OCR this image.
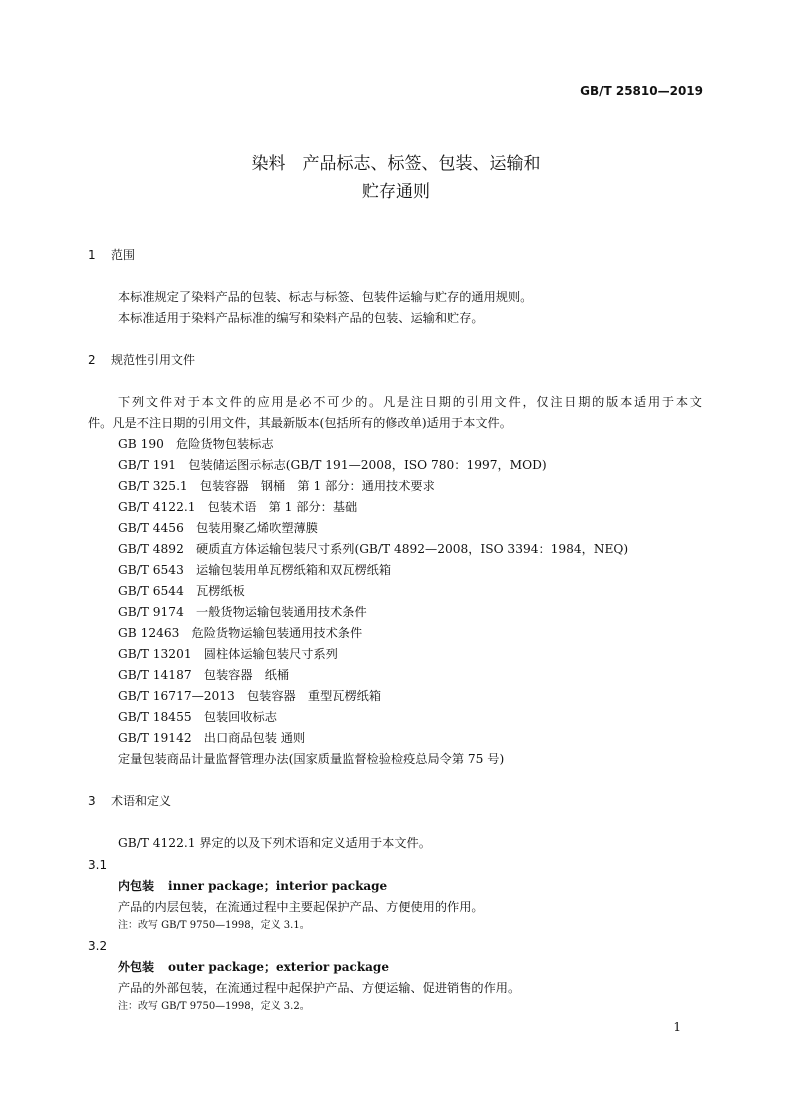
GB/T 25810—2019
染料　产品标志、标签、包装、运输和
贮存通则
1 范围
本标准规定了染料产品的包装、标志与标签、包装件运输与贮存的通用规则。
本标准适用于染料产品标准的编写和染料产品的包装、运输和贮存。
2 规范性引用文件
下列文件对于本文件的应用是必不可少的。凡是注日期的引用文件，仅注日期的版本适用于本文
件。凡是不注日期的引用文件，其最新版本(包括所有的修改单)适用于本文件。
GB 190　危险货物包装标志
GB/T 191　包装储运图示标志(GB/T 191—2008，ISO 780：1997，MOD)
GB/T 325.1　包装容器　钢桶　第 1 部分：通用技术要求
GB/T 4122.1　包装术语　第 1 部分：基础
GB/T 4456　包装用聚乙烯吹塑薄膜
GB/T 4892　硬质直方体运输包装尺寸系列(GB/T 4892—2008，ISO 3394：1984，NEQ)
GB/T 6543　运输包装用单瓦楞纸箱和双瓦楞纸箱
GB/T 6544　瓦楞纸板
GB/T 9174　一般货物运输包装通用技术条件
GB 12463　危险货物运输包装通用技术条件
GB/T 13201　圆柱体运输包装尺寸系列
GB/T 14187　包装容器　纸桶
GB/T 16717—2013　包装容器　重型瓦楞纸箱
GB/T 18455　包装回收标志
GB/T 19142　出口商品包装 通则
定量包装商品计量监督管理办法(国家质量监督检验检疫总局令第 75 号)
3 术语和定义
GB/T 4122.1 界定的以及下列术语和定义适用于本文件。
3.1
内包装 inner package；interior package
产品的内层包装，在流通过程中主要起保护产品、方便使用的作用。
注：改写 GB/T 9750—1998，定义 3.1。
3.2
外包装 outer package；exterior package
产品的外部包装，在流通过程中起保护产品、方便运输、促进销售的作用。
注：改写 GB/T 9750—1998，定义 3.2。
1
